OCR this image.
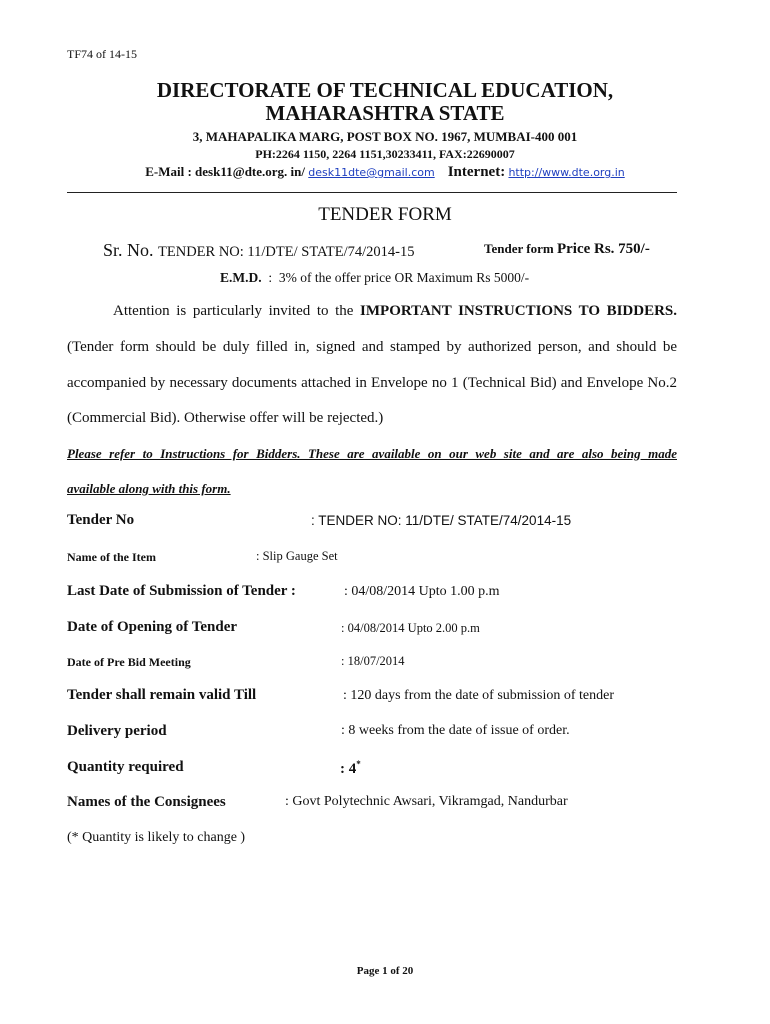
TF74 of 14-15
DIRECTORATE OF TECHNICAL EDUCATION,
MAHARASHTRA STATE
3, MAHAPALIKA MARG, POST BOX NO. 1967, MUMBAI-400 001
PH:2264 1150, 2264 1151,30233411, FAX:22690007
E-Mail : desk11@dte.org. in/ desk11dte@gmail.com Internet: http://www.dte.org.in
TENDER FORM
Sr. No. TENDER NO: 11/DTE/ STATE/74/2014-15	Tender form Price Rs. 750/-
E.M.D. : 3% of the offer price OR Maximum Rs 5000/-
Attention is particularly invited to the IMPORTANT INSTRUCTIONS TO BIDDERS.
(Tender form should be duly filled in, signed and stamped by authorized person, and should be
accompanied by necessary documents attached in Envelope no 1 (Technical Bid) and Envelope No.2
(Commercial Bid). Otherwise offer will be rejected.)
Please refer to Instructions for Bidders. These are available on our web site and are also being made
available along with this form.
Tender No	: TENDER NO: 11/DTE/ STATE/74/2014-15
Name of the Item	: Slip Gauge Set
Last Date of Submission of Tender :	: 04/08/2014 Upto 1.00 p.m
Date of Opening of Tender	: 04/08/2014 Upto 2.00 p.m
Date of Pre Bid Meeting	: 18/07/2014
Tender shall remain valid Till	: 120 days from the date of submission of tender
Delivery period	: 8 weeks from the date of issue of order.
Quantity required	: 4*
Names of the Consignees	: Govt Polytechnic Awsari, Vikramgad, Nandurbar
(* Quantity is likely to change )
Page 1 of 20
